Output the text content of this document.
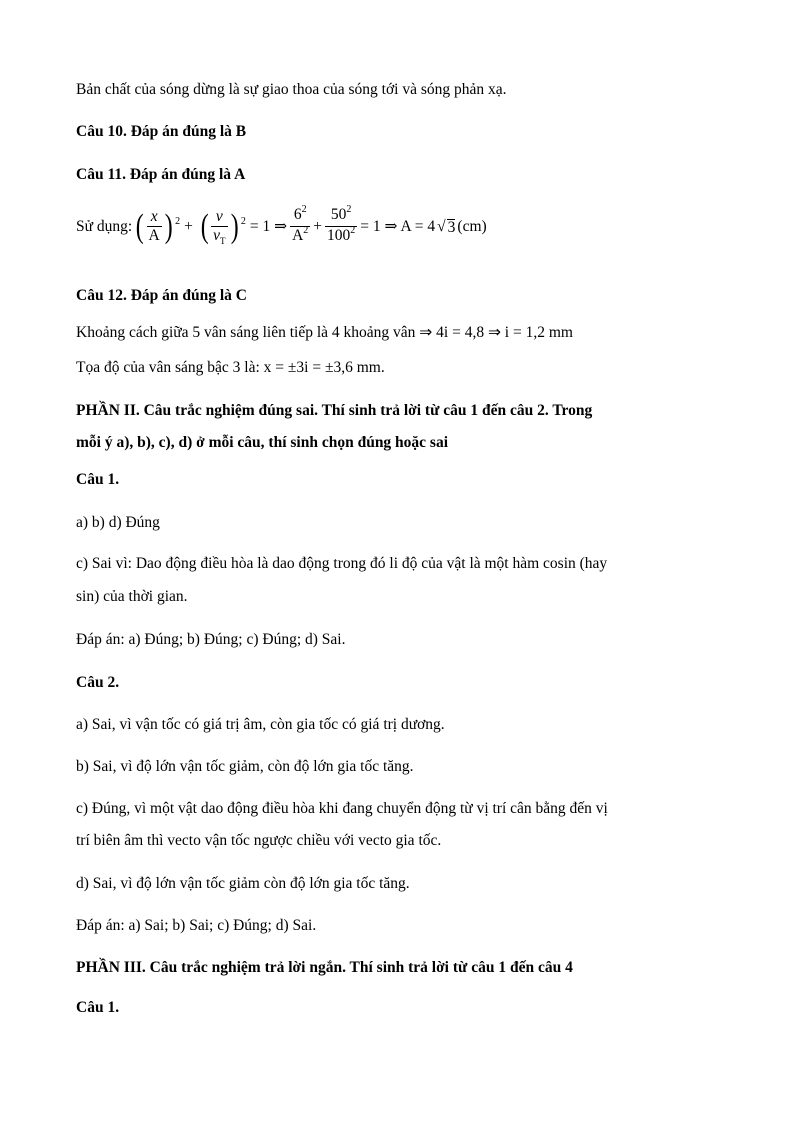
Bản chất của sóng dừng là sự giao thoa của sóng tới và sóng phản xạ.
Câu 10. Đáp án đúng là B
Câu 11. Đáp án đúng là A
Sử dụng: ( $\frac{x}{A}$ ) 2 + ( $\frac{v}{v_T}$ ) 2 = 1 ⇒ $\frac{6^2}{A^2} + \frac{50^2}{100^2} = 1$ ⇒ A = 4 √ 3 (cm)
Câu 12. Đáp án đúng là C
Khoảng cách giữa 5 vân sáng liên tiếp là 4 khoảng vân ⇒ 4i = 4,8 ⇒ i = 1,2 mm
Tọa độ của vân sáng bậc 3 là: x = ±3i = ±3,6 mm.
PHẦN II. Câu trắc nghiệm đúng sai. Thí sinh trả lời từ câu 1 đến câu 2. Trong
mỗi ý a), b), c), d) ở mỗi câu, thí sinh chọn đúng hoặc sai
Câu 1.
a) b) d) Đúng
c) Sai vì: Dao động điều hòa là dao động trong đó li độ của vật là một hàm cosin (hay
sin) của thời gian.
Đáp án: a) Đúng; b) Đúng; c) Đúng; d) Sai.
Câu 2.
a) Sai, vì vận tốc có giá trị âm, còn gia tốc có giá trị dương.
b) Sai, vì độ lớn vận tốc giảm, còn độ lớn gia tốc tăng.
c) Đúng, vì một vật dao động điều hòa khi đang chuyển động từ vị trí cân bằng đến vị
trí biên âm thì vecto vận tốc ngược chiều với vecto gia tốc.
d) Sai, vì độ lớn vận tốc giảm còn độ lớn gia tốc tăng.
Đáp án: a) Sai; b) Sai; c) Đúng; d) Sai.
PHẦN III. Câu trắc nghiệm trả lời ngắn. Thí sinh trả lời từ câu 1 đến câu 4
Câu 1.
